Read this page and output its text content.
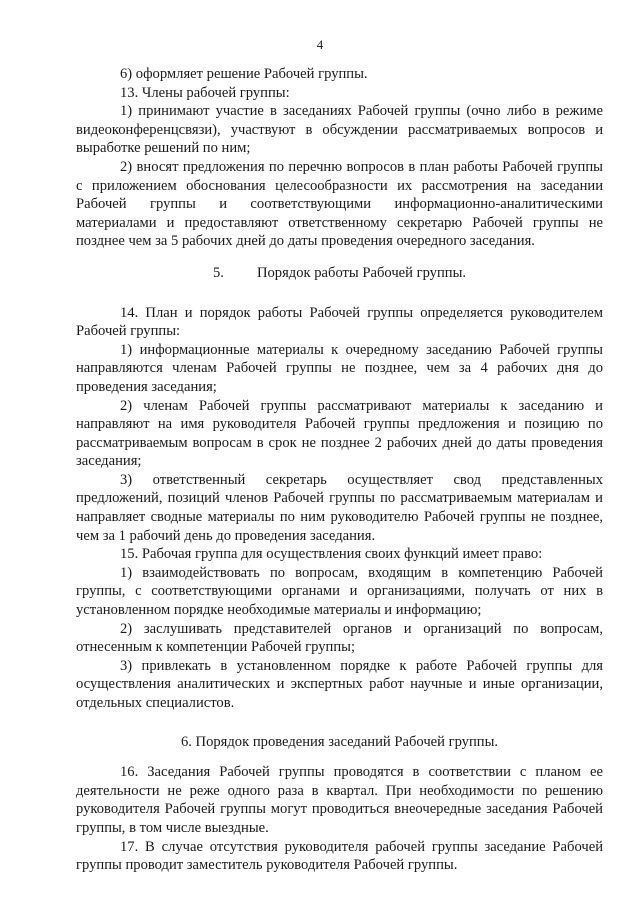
4

6) оформляет решение Рабочей группы.

13. Члены рабочей группы:

1) принимают участие в заседаниях Рабочей группы (очно либо в режиме видеоконференцсвязи), участвуют в обсуждении рассматриваемых вопросов и выработке решений по ним;

2) вносят предложения по перечню вопросов в план работы Рабочей группы с приложением обоснования целесообразности их рассмотрения на заседании Рабочей группы и соответствующими информационно-аналитическими материалами и предоставляют ответственному секретарю Рабочей группы не позднее чем за 5 рабочих дней до даты проведения очередного заседания.

5. Порядок работы Рабочей группы.

14. План и порядок работы Рабочей группы определяется руководителем Рабочей группы:

1) информационные материалы к очередному заседанию Рабочей группы направляются членам Рабочей группы не позднее, чем за 4 рабочих дня до проведения заседания;

2) членам Рабочей группы рассматривают материалы к заседанию и направляют на имя руководителя Рабочей группы предложения и позицию по рассматриваемым вопросам в срок не позднее 2 рабочих дней до даты проведения заседания;

3) ответственный секретарь осуществляет свод представленных предложений, позиций членов Рабочей группы по рассматриваемым материалам и направляет сводные материалы по ним руководителю Рабочей группы не позднее, чем за 1 рабочий день до проведения заседания.

15. Рабочая группа для осуществления своих функций имеет право:

1) взаимодействовать по вопросам, входящим в компетенцию Рабочей группы, с соответствующими органами и организациями, получать от них в установленном порядке необходимые материалы и информацию;

2) заслушивать представителей органов и организаций по вопросам, отнесенным к компетенции Рабочей группы;

3) привлекать в установленном порядке к работе Рабочей группы для осуществления аналитических и экспертных работ научные и иные организации, отдельных специалистов.

6. Порядок проведения заседаний Рабочей группы.

16. Заседания Рабочей группы проводятся в соответствии с планом ее деятельности не реже одного раза в квартал. При необходимости по решению руководителя Рабочей группы могут проводиться внеочередные заседания Рабочей группы, в том числе выездные.

17. В случае отсутствия руководителя рабочей группы заседание Рабочей группы проводит заместитель руководителя Рабочей группы.
